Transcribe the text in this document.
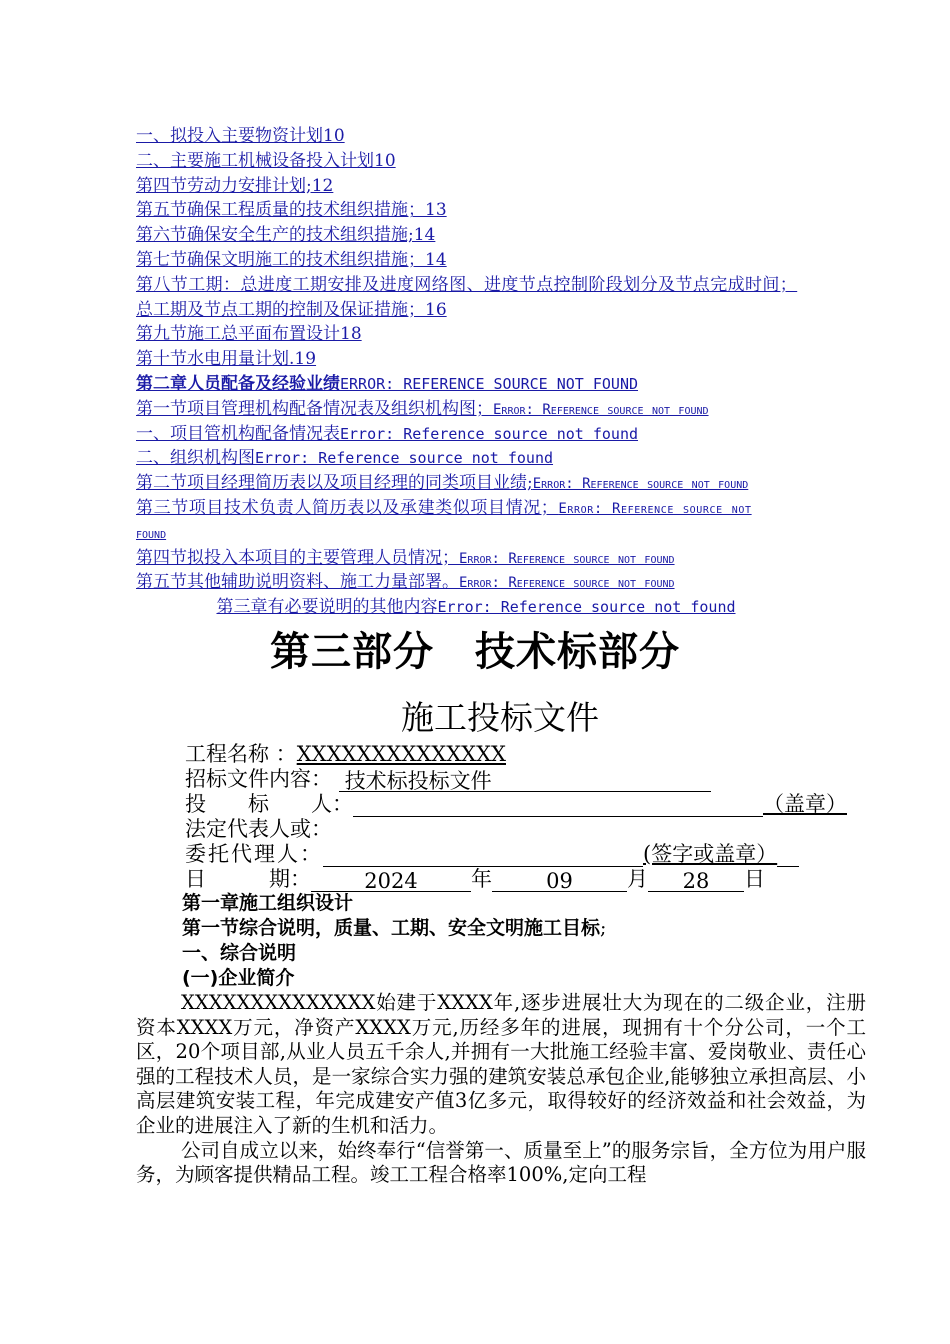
一、拟投入主要物资计划10
二、主要施工机械设备投入计划10
第四节劳动力安排计划;12
第五节确保工程质量的技术组织措施；13
第六节确保安全生产的技术组织措施;14
第七节确保文明施工的技术组织措施；14
第八节工期：总进度工期安排及进度网络图、进度节点控制阶段划分及节点完成时间；
总工期及节点工期的控制及保证措施；16
第九节施工总平面布置设计18
第十节水电用量计划.19
第二章人员配备及经验业绩ERROR: REFERENCE SOURCE NOT FOUND
第一节项目管理机构配备情况表及组织机构图；Error: Reference source not found
一、项目管机构配备情况表Error: Reference source not found
二、组织机构图Error: Reference source not found
第二节项目经理简历表以及项目经理的同类项目业绩;Error: Reference source not found
第三节项目技术负责人简历表以及承建类似项目情况；Error: Reference source not
found
第四节拟投入本项目的主要管理人员情况；Error: Reference source not found
第五节其他辅助说明资料、施工力量部署。Error: Reference source not found
第三章有必要说明的其他内容Error: Reference source not found
第三部分　技术标部分
施工投标文件
工程名称 ：XXXXXXXXXXXXXX
招标文件内容： 技术标投标文件
投　　标　　人：	（盖章）
法定代表人或：
委托代理人：	(签字或盖章）
日　　　期：	2024	年	09	月 28 日
第一章施工组织设计
第一节综合说明，质量、工期、安全文明施工目标;
一、综合说明
(一)企业简介

XXXXXXXXXXXXXX始建于XXXX年,逐步进展壮大为现在的二级企业，注册资本XXXX万元，净资产XXXX万元,历经多年的进展，现拥有十个分公司，一个工区，20个项目部,从业人员五千余人,并拥有一大批施工经验丰富、爱岗敬业、责任心强的工程技术人员，是一家综合实力强的建筑安装总承包企业,能够独立承担高层、小高层建筑安装工程，年完成建安产值3亿多元，取得较好的经济效益和社会效益，为企业的进展注入了新的生机和活力。

公司自成立以来，始终奉行“信誉第一、质量至上”的服务宗旨，全方位为用户服务，为顾客提供精品工程。竣工工程合格率100%,定向工程
